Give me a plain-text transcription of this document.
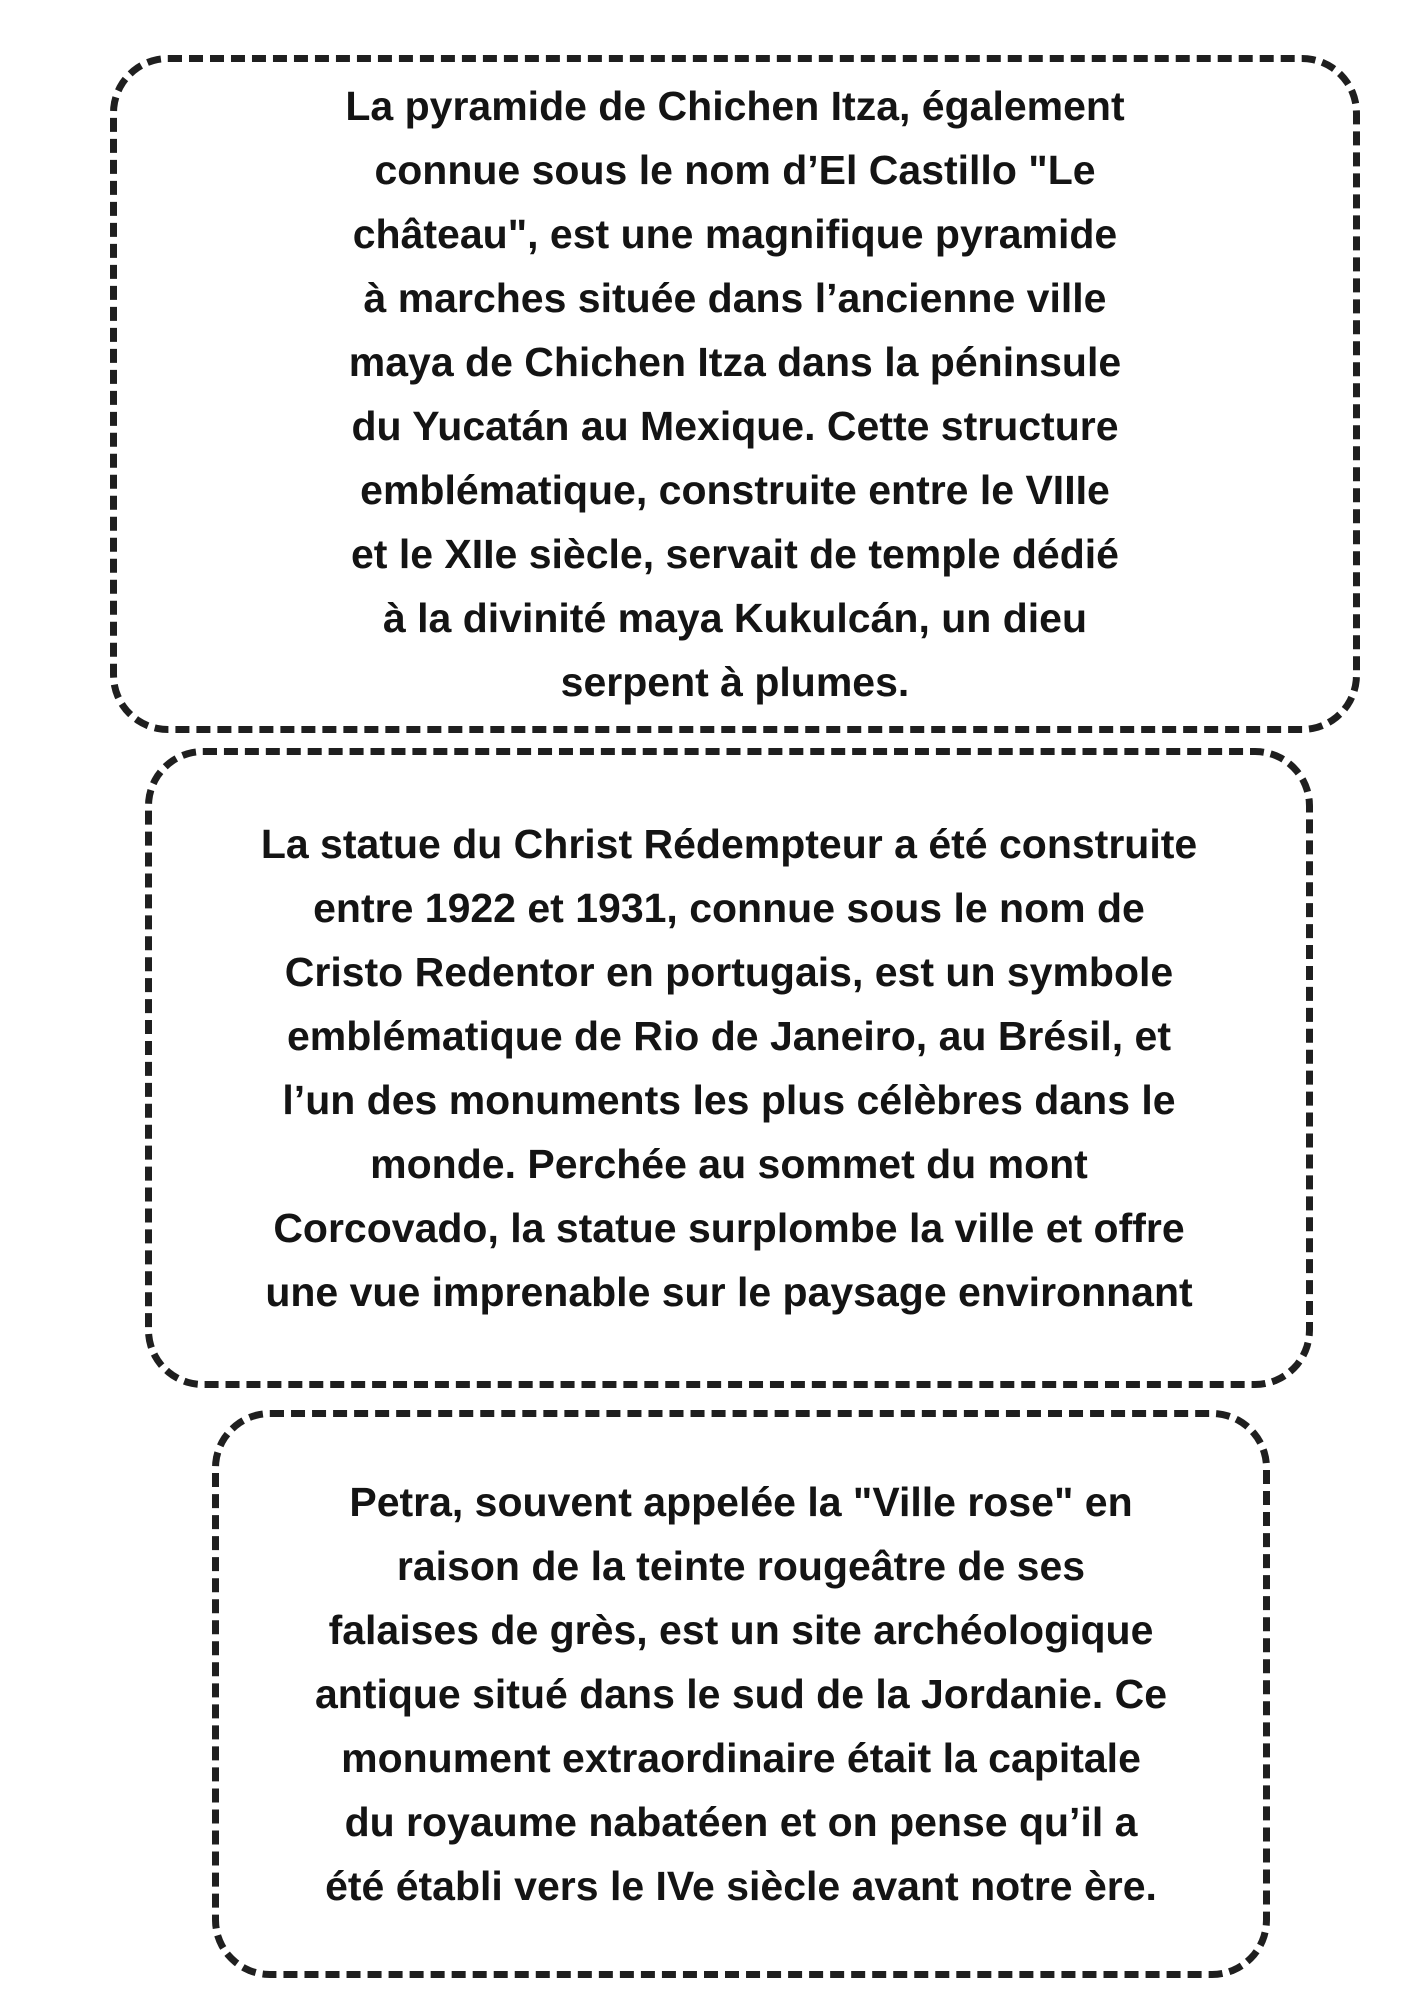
La pyramide de Chichen Itza, également
connue sous le nom d’El Castillo "Le
château", est une magnifique pyramide
à marches située dans l’ancienne ville
maya de Chichen Itza dans la péninsule
du Yucatán au Mexique. Cette structure
emblématique, construite entre le VIIIe
et le XIIe siècle, servait de temple dédié
à la divinité maya Kukulcán, un dieu
serpent à plumes.

La statue du Christ Rédempteur a été construite
entre 1922 et 1931, connue sous le nom de
Cristo Redentor en portugais, est un symbole
emblématique de Rio de Janeiro, au Brésil, et
l’un des monuments les plus célèbres dans le
monde. Perchée au sommet du mont
Corcovado, la statue surplombe la ville et offre
une vue imprenable sur le paysage environnant

Petra, souvent appelée la "Ville rose" en
raison de la teinte rougeâtre de ses
falaises de grès, est un site archéologique
antique situé dans le sud de la Jordanie. Ce
monument extraordinaire était la capitale
du royaume nabatéen et on pense qu’il a
été établi vers le IVe siècle avant notre ère.
